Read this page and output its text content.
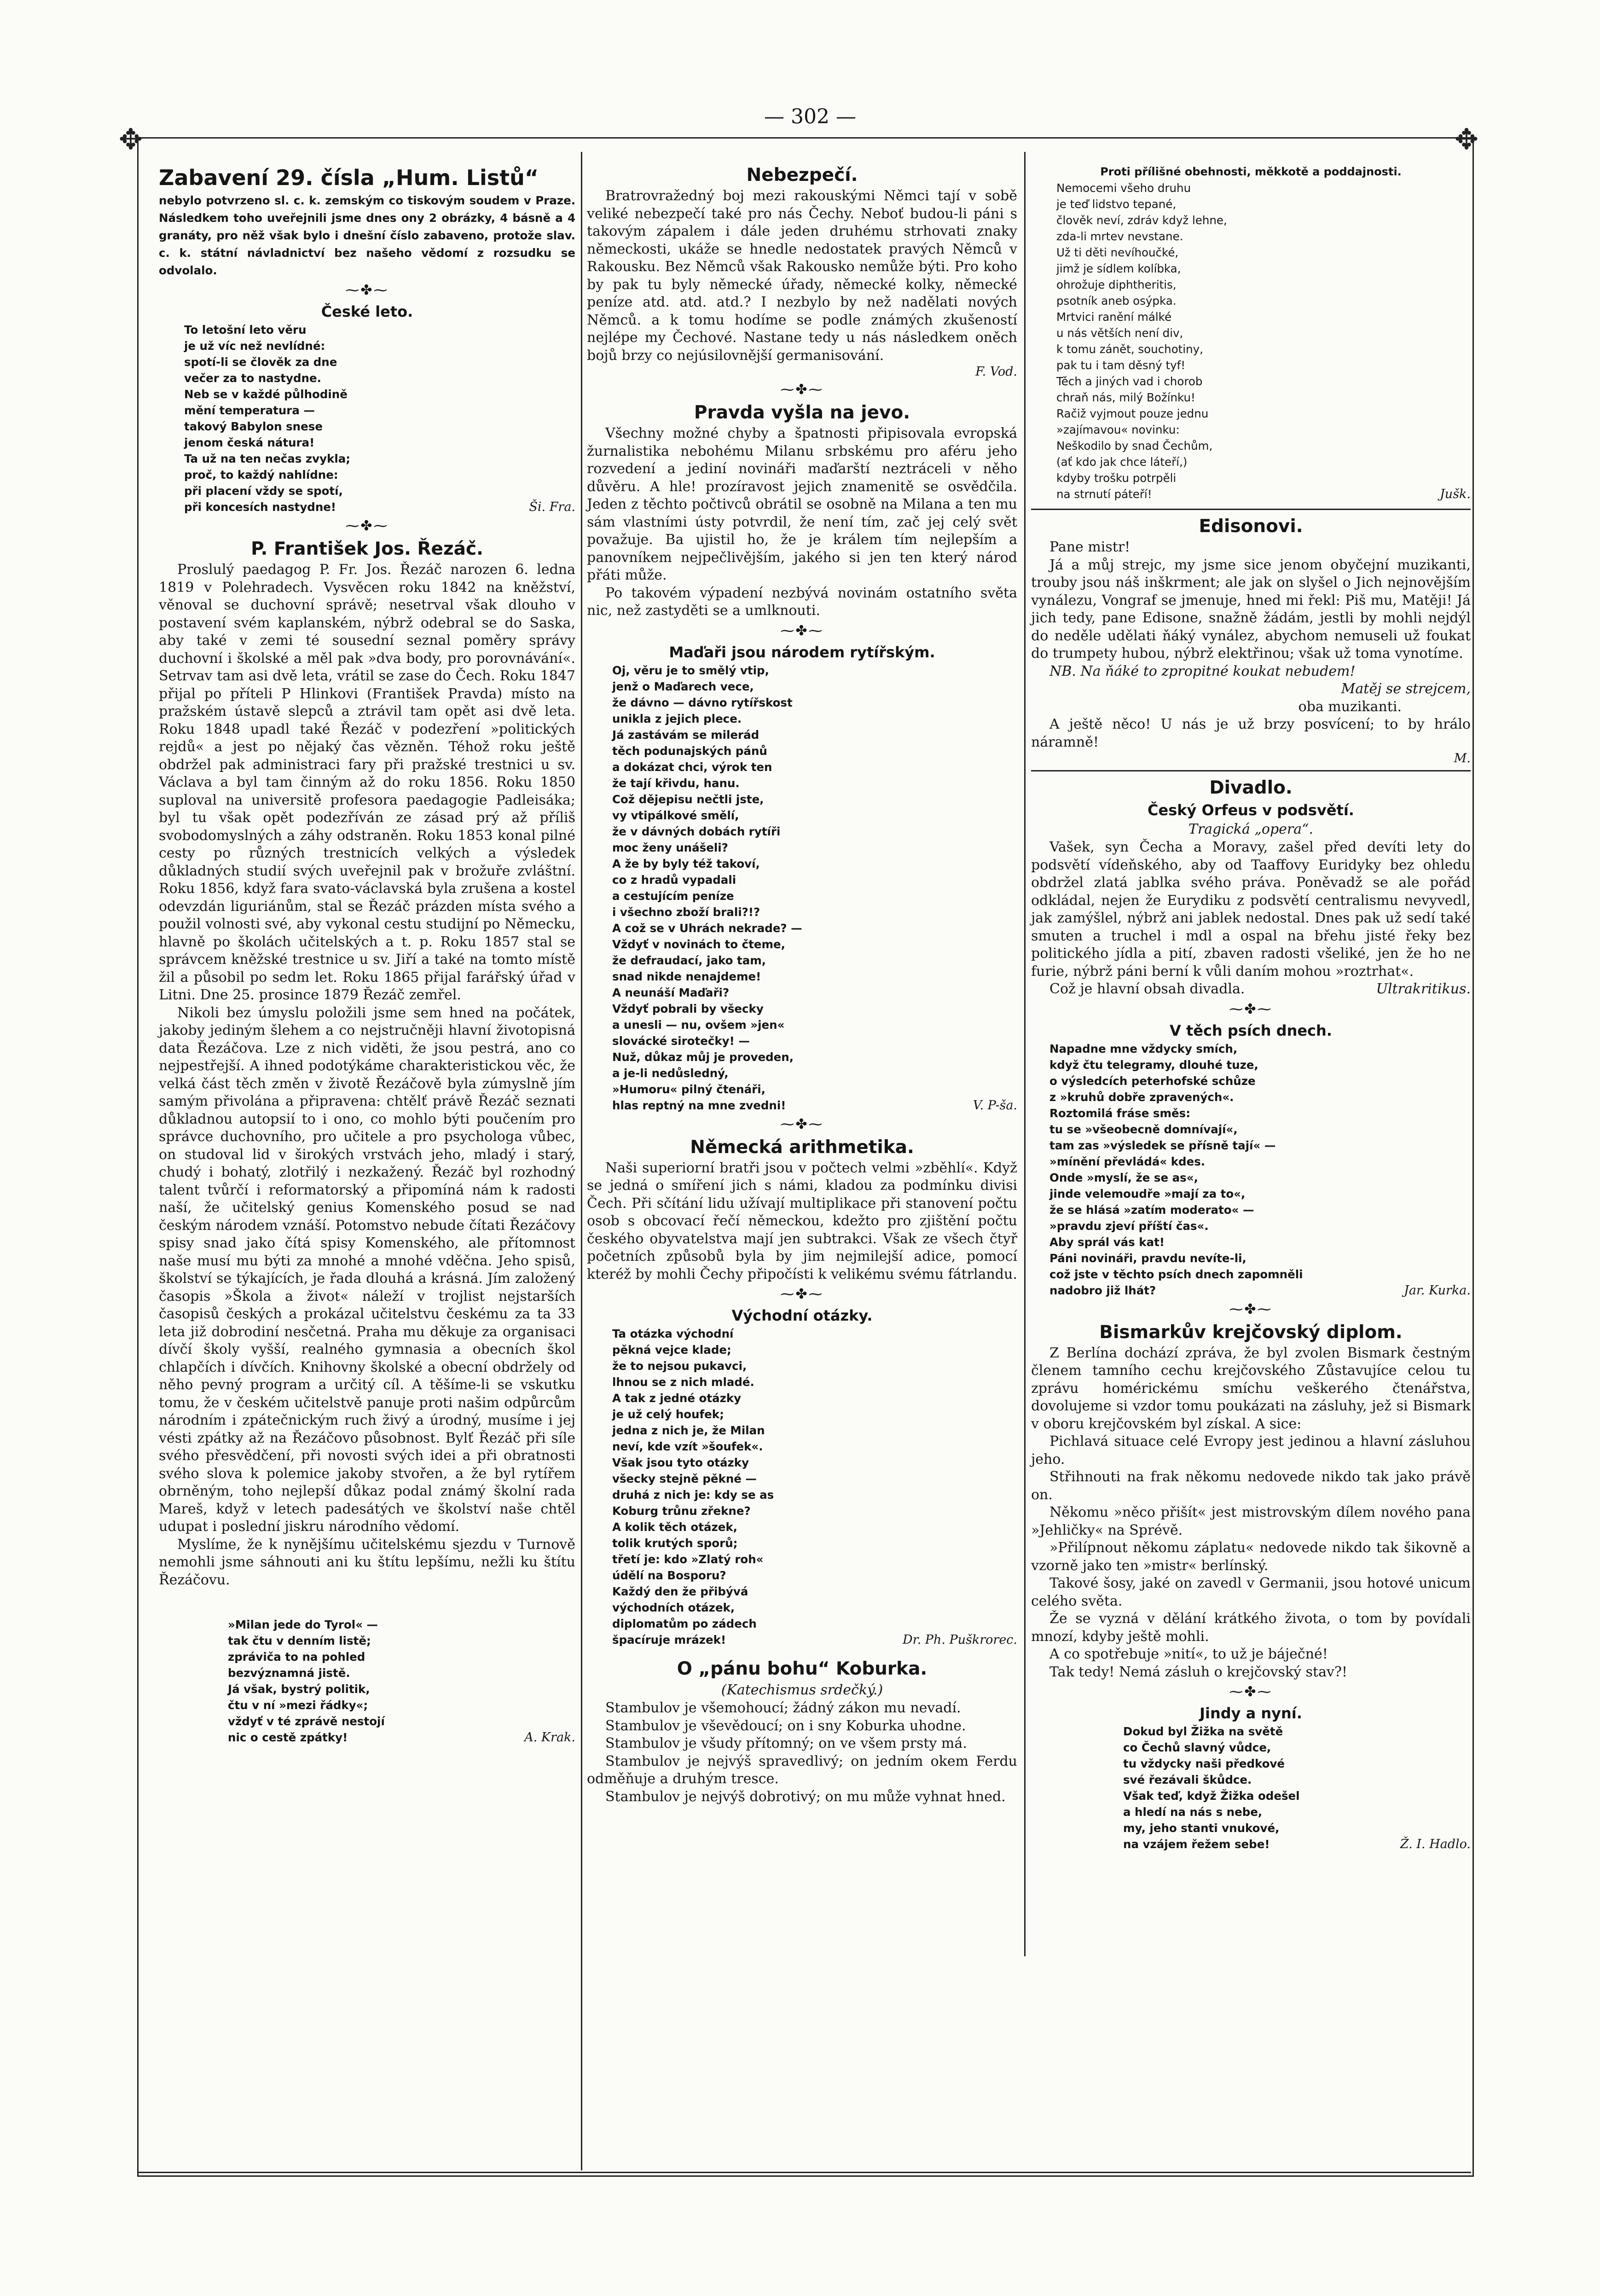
✥	✥
— 302 —
Zabavení 29. čísla „Hum. Listů“

nebylo potvrzeno sl. c. k. zemským co tiskovým soudem v Praze. Následkem toho uveřejnili jsme dnes ony 2 obrázky, 4 básně a 4 granáty, pro něž však bylo i dnešní číslo zabaveno, protože slav. c. k. státní návladnictví bez našeho vědomí z rozsudku se odvolalo.

⁓✤⁓
České leto.
To letošní leto věru
je už víc než nevlídné:
spotí-li se člověk za dne
večer za to nastydne.
Neb se v každé půlhodině
mění temperatura —
takový Babylon snese
jenom česká nátura!
Ta už na ten nečas zvykla;
proč, to každý nahlídne:
při placení vždy se spotí,
při koncesích nastydne!	Ši. Fra.
⁓✤⁓
P. František Jos. Řezáč.

Proslulý paedagog P. Fr. Jos. Řezáč narozen 6. ledna 1819 v Polehradech. Vysvěcen roku 1842 na kněžství, věnoval se duchovní správě; nesetrval však dlouho v postavení svém kaplanském, nýbrž odebral se do Saska, aby také v zemi té sousední seznal poměry správy duchovní i školské a měl pak »dva body, pro porovnávání«. Setrvav tam asi dvě leta, vrátil se zase do Čech. Roku 1847 přijal po příteli P Hlinkovi (František Pravda) místo na pražském ústavě slepců a ztrávil tam opět asi dvě leta. Roku 1848 upadl také Řezáč v podezření »politických rejdů« a jest po nějaký čas vězněn. Téhož roku ještě obdržel pak administraci fary při pražské trestnici u sv. Václava a byl tam činným až do roku 1856. Roku 1850 suploval na universitě profesora paedagogie Padleisáka; byl tu však opět podezříván ze zásad prý až příliš svobodomyslných a záhy odstraněn. Roku 1853 konal pilné cesty po různých trestnicích velkých a výsledek důkladných studií svých uveřejnil pak v brožuře zvláštní. Roku 1856, když fara svato-václavská byla zrušena a kostel odevzdán liguriánům, stal se Řezáč prázden místa svého a použil volnosti své, aby vykonal cestu studijní po Německu, hlavně po školách učitelských a t. p. Roku 1857 stal se správcem kněžské trestnice u sv. Jiří a také na tomto místě žil a působil po sedm let. Roku 1865 přijal farářský úřad v Litni. Dne 25. prosince 1879 Řezáč zemřel.

Nikoli bez úmyslu položili jsme sem hned na počátek, jakoby jediným šlehem a co nejstručněji hlavní životopisná data Řezáčova. Lze z nich viděti, že jsou pestrá, ano co nejpestřejší. A ihned podotýkáme charakteristickou věc, že velká část těch změn v životě Řezáčově byla zúmyslně jím samým přivolána a připravena: chtělť právě Řezáč seznati důkladnou autopsií to i ono, co mohlo býti poučením pro správce duchovního, pro učitele a pro psychologa vůbec, on studoval lid v širokých vrstvách jeho, mladý i starý, chudý i bohatý, zlotřilý i nezkažený. Řezáč byl rozhodný talent tvůrčí i reformatorský a připomíná nám k radosti naší, že učitelský genius Komenského posud se nad českým národem vznáší. Potomstvo nebude čítati Řezáčovy spisy snad jako čítá spisy Komenského, ale přítomnost naše musí mu býti za mnohé a mnohé vděčna. Jeho spisů, školství se týkajících, je řada dlouhá a krásná. Jím založený časopis »Škola a život« náleží v trojlist nejstarších časopisů českých a prokázal učitelstvu českému za ta 33 leta již dobrodiní nesčetná. Praha mu děkuje za organisaci dívčí školy vyšší, realného gymnasia a obecních škol chlapčích i dívčích. Knihovny školské a obecní obdržely od něho pevný program a určitý cíl. A těšíme-li se vskutku tomu, že v českém učitelstvě panuje proti našim odpůrcům národním i zpátečnickým ruch živý a úrodný, musíme i jej vésti zpátky až na Řezáčovo působnost. Bylť Řezáč při síle svého přesvědčení, při novosti svých idei a při obratnosti svého slova k polemice jakoby stvořen, a že byl rytířem obrněným, toho nejlepší důkaz podal známý školní rada Mareš, když v letech padesátých ve školství naše chtěl udupat i poslední jiskru národního vědomí.

Myslíme, že k nynějšímu učitelskému sjezdu v Turnově nemohli jsme sáhnouti ani ku štítu lepšímu, nežli ku štítu Řezáčovu.

»Milan jede do Tyrol« —
tak čtu v denním listě;
zpráviča to na pohled
bezvýznamná jistě.
Já však, bystrý politik,
čtu v ní »mezi řádky«;
vždyť v té zprávě nestojí
nic o cestě zpátky!	A. Krak.
Nebezpečí.

Bratrovražedný boj mezi rakouskými Němci tají v sobě veliké nebezpečí také pro nás Čechy. Neboť budou-li páni s takovým zápalem i dále jeden druhému strhovati znaky německosti, ukáže se hnedle nedostatek pravých Němců v Rakousku. Bez Němců však Rakousko nemůže býti. Pro koho by pak tu byly německé úřady, německé kolky, německé peníze atd. atd. atd.? I nezbylo by než nadělati nových Němců. a k tomu hodíme se podle známých zkušeností nejlépe my Čechové. Nastane tedy u nás následkem oněch bojů brzy co nejúsilovnější germanisování.

F. Vod.
⁓✤⁓
Pravda vyšla na jevo.

Všechny možné chyby a špatnosti připisovala evropská žurnalistika nebohému Milanu srbskému pro aféru jeho rozvedení a jediní novináři maďarští neztráceli v něho důvěru. A hle! prozíravost jejich znamenitě se osvědčila. Jeden z těchto počtivců obrátil se osobně na Milana a ten mu sám vlastními ústy potvrdil, že není tím, zač jej celý svět považuje. Ba ujistil ho, že je králem tím nejlepším a panovníkem nejpečlivějším, jakého si jen ten který národ přáti může.

Po takovém výpadení nezbývá novinám ostatního světa nic, než zastyděti se a umlknouti.

⁓✤⁓
Maďaři jsou národem rytířským.
Oj, věru je to smělý vtip,
jenž o Maďarech vece,
že dávno — dávno rytířskost
unikla z jejich plece.
Já zastávám se milerád
těch podunajských pánů
a dokázat chci, výrok ten
že tají křivdu, hanu.
Což dějepisu nečtli jste,
vy vtipálkové smělí,
že v dávných dobách rytíři
moc ženy unášeli?
A že by byly též takoví,
co z hradů vypadali
a cestujícím peníze
i všechno zboží brali?!?
A což se v Uhrách nekrade? —
Vždyť v novinách to čteme,
že defraudací, jako tam,
snad nikde nenajdeme!
A neunáší Maďaři?
Vždyť pobrali by všecky
a unesli — nu, ovšem »jen«
slovácké sirotečky! —
Nuž, důkaz můj je proveden,
a je-li nedůsledný,
»Humoru« pilný čtenáři,
hlas reptný na mne zvedni!	V. P-ša.
⁓✤⁓
Německá arithmetika.

Naši superiorní bratři jsou v počtech velmi »zběhlí«. Když se jedná o smíření jich s námi, kladou za podmínku divisi Čech. Při sčítání lidu užívají multiplikace při stanovení počtu osob s obcovací řečí německou, kdežto pro zjištění počtu českého obyvatelstva mají jen subtrakci. Však ze všech čtyř početních způsobů byla by jim nejmilejší adice, pomocí kteréž by mohli Čechy připočísti k velikému svému fátrlandu.

⁓✤⁓
Východní otázky.
Ta otázka východní
pěkná vejce klade;
že to nejsou pukavci,
lhnou se z nich mladé.
A tak z jedné otázky
je už celý houfek;
jedna z nich je, že Milan
neví, kde vzít »šoufek«.
Však jsou tyto otázky
všecky stejně pěkné —
druhá z nich je: kdy se as
Koburg trůnu zřekne?
A kolik těch otázek,
tolik krutých sporů;
třetí je: kdo »Zlatý roh«
údělí na Bosporu?
Každý den že přibývá
východních otázek,
diplomatům po zádech
špacíruje mrázek!	Dr. Ph. Puškrorec.
O „pánu bohu“ Koburka.
(Katechismus srdečký.)

Stambulov je všemohoucí; žádný zákon mu nevadí.

Stambulov je vševědoucí; on i sny Koburka uhodne.

Stambulov je všudy přítomný; on ve všem prsty má.

Stambulov je nejvýš spravedlivý; on jedním okem Ferdu odměňuje a druhým tresce.

Stambulov je nejvýš dobrotivý; on mu může vyhnat hned.

Proti přílišné obehnosti, měkkotě a poddajnosti.
Nemocemi všeho druhu
je teď lidstvo tepané,
člověk neví, zdráv když lehne,
zda-li mrtev nevstane.
Už ti děti nevíhoučké,
jimž je sídlem kolíbka,
ohrožuje diphtheritis,
psotník aneb osýpka.
Mrtvici ranění málké
u nás větších není div,
k tomu zánět, souchotiny,
pak tu i tam děsný tyf!
Těch a jiných vad i chorob
chraň nás, milý Božínku!
Račiž vyjmout pouze jednu
»zajímavou« novinku:
Neškodilo by snad Čechům,
(ať kdo jak chce láteří,)
kdyby trošku potrpěli
na strnutí páteří!	Jušk.
Edisonovi.

Pane mistr!

Já a můj strejc, my jsme sice jenom obyčejní muzikanti, trouby jsou náš inškrment; ale jak on slyšel o Jich nejnovějším vynálezu, Vongraf se jmenuje, hned mi řekl: Piš mu, Matěji! Já jich tedy, pane Edisone, snažně žádám, jestli by mohli nejdýl do neděle udělati ňáký vynález, abychom nemuseli už foukat do trumpety hubou, nýbrž elektřinou; však už toma vynotíme.

NB. Na ňáké to zpropitné koukat nebudem!

Matěj se strejcem,
oba muzikanti.

A ještě něco! U nás je už brzy posvícení; to by hrálo náramně!

M.
Divadlo.
Český Orfeus v podsvětí.
Tragická „opera“.

Vašek, syn Čecha a Moravy, zašel před devíti lety do podsvětí vídeňského, aby od Taaffovy Euridyky bez ohledu obdržel zlatá jablka svého práva. Poněvadž se ale pořád odkládal, nejen že Eurydiku z podsvětí centralismu nevyvedl, jak zamýšlel, nýbrž ani jablek nedostal. Dnes pak už sedí také smuten a truchel i mdl a ospal na břehu jisté řeky bez politického jídla a pití, zbaven radosti všeliké, jen že ho ne furie, nýbrž páni berní k vůli daním mohou »roztrhat«.

Což je hlavní obsah divadla.	Ultrakritikus.
⁓✤⁓
V těch psích dnech.
Napadne mne vždycky smích,
když čtu telegramy, dlouhé tuze,
o výsledcích peterhofské schůze
z »kruhů dobře zpravených«.
Roztomilá fráse směs:
tu se »všeobecně domnívají«,
tam zas »výsledek se přísně tají« —
»mínění převládá« kdes.
Onde »myslí, že se as«,
jinde velemoudře »mají za to«,
že se hlásá »zatím moderato« —
»pravdu zjeví příští čas«.
Aby sprál vás kat!
Páni novináři, pravdu nevíte-li,
což jste v těchto psích dnech zapomněli
nadobro již lhát?	Jar. Kurka.
⁓✤⁓
Bismarkův krejčovský diplom.

Z Berlína dochází zpráva, že byl zvolen Bismark čestným členem tamního cechu krejčovského Zůstavujíce celou tu zprávu homérickému smíchu veškerého čtenářstva, dovolujeme si vzdor tomu poukázati na zásluhy, jež si Bismark v oboru krejčovském byl získal. A sice:

Pichlavá situace celé Evropy jest jedinou a hlavní zásluhou jeho.

Střihnouti na frak někomu nedovede nikdo tak jako právě on.

Někomu »něco přišít« jest mistrovským dílem nového pana »Jehličky« na Sprévě.

»Přilípnout někomu záplatu« nedovede nikdo tak šikovně a vzorně jako ten »mistr« berlínský.

Takové šosy, jaké on zavedl v Germanii, jsou hotové unicum celého světa.

Že se vyzná v dělání krátkého života, o tom by povídali mnozí, kdyby ještě mohli.

A co spotřebuje »nití«, to už je báječné!

Tak tedy! Nemá zásluh o krejčovský stav?!

⁓✤⁓
Jindy a nyní.
Dokud byl Žižka na světě
co Čechů slavný vůdce,
tu vždycky naši předkové
své řezávali škůdce.
Však teď, když Žižka odešel
a hledí na nás s nebe,
my, jeho stanti vnukové,
na vzájem řežem sebe!	Ž. I. Hadlo.
